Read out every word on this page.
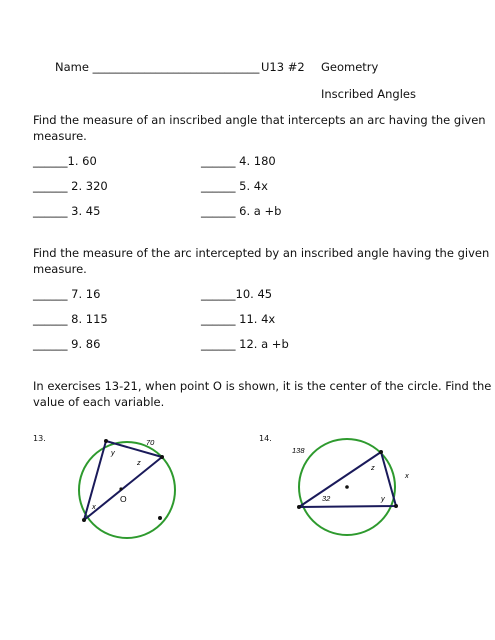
Name _____________________________ U13 #2 Geometry
Inscribed Angles
Find the measure of an inscribed angle that intercepts an arc having the given
measure.
______1. 60	______ 4. 180
______ 2. 320	______ 5. 4x
______ 3. 45	______ 6. a +b
Find the measure of the arc intercepted by an inscribed angle having the given
measure.
______ 7. 16	______10. 45
______ 8. 115	______ 11. 4x
______ 9. 86	______ 12. a +b
In exercises 13-21, when point O is shown, it is the center of the circle. Find the
value of each variable.
13.	14.
70
y
z
x
O
138
z
x
32	y
